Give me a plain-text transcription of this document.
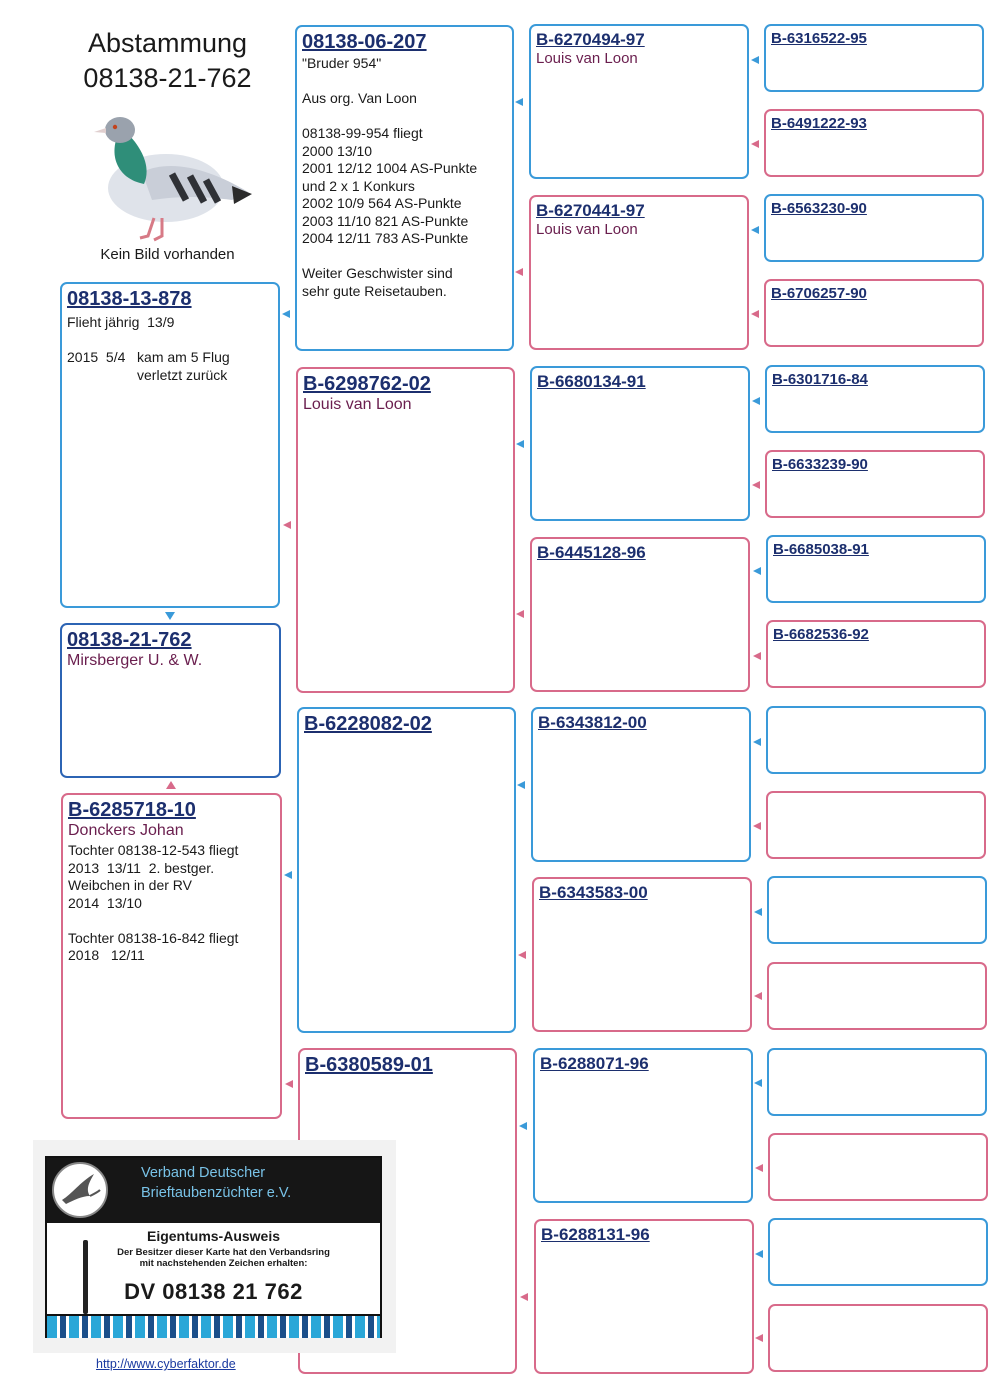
Abstammung
08138-21-762
Kein Bild vorhanden
08138-13-878
Flieht jährig  13/9
2015  5/4   kam am 5 Flug
verletzt zurück
08138-21-762
Mirsberger U. & W.
B-6285718-10
Donckers Johan
Tochter 08138-12-543 fliegt
2013  13/11  2. bestger.
Weibchen in der RV
2014  13/10
Tochter 08138-16-842 fliegt
2018   12/11
08138-06-207
"Bruder 954"
Aus org. Van Loon
08138-99-954 fliegt
2000 13/10
2001 12/12 1004 AS-Punkte
und 2 x 1 Konkurs
2002 10/9 564 AS-Punkte
2003 11/10 821 AS-Punkte
2004 12/11 783 AS-Punkte
Weiter Geschwister sind
sehr gute Reisetauben.
B-6298762-02
Louis van Loon
B-6228082-02
B-6380589-01
B-6270494-97
Louis van Loon
B-6270441-97
Louis van Loon
B-6680134-91
B-6445128-96
B-6343812-00
B-6343583-00
B-6288071-96
B-6288131-96
B-6316522-95
B-6491222-93
B-6563230-90
B-6706257-90
B-6301716-84
B-6633239-90
B-6685038-91
B-6682536-92
Verband Deutscher
Brieftaubenzüchter e.V.
Eigentums-Ausweis
Der Besitzer dieser Karte hat den Verbandsring
mit nachstehenden Zeichen erhalten:
DV 08138 21 762
http://www.cyberfaktor.de
